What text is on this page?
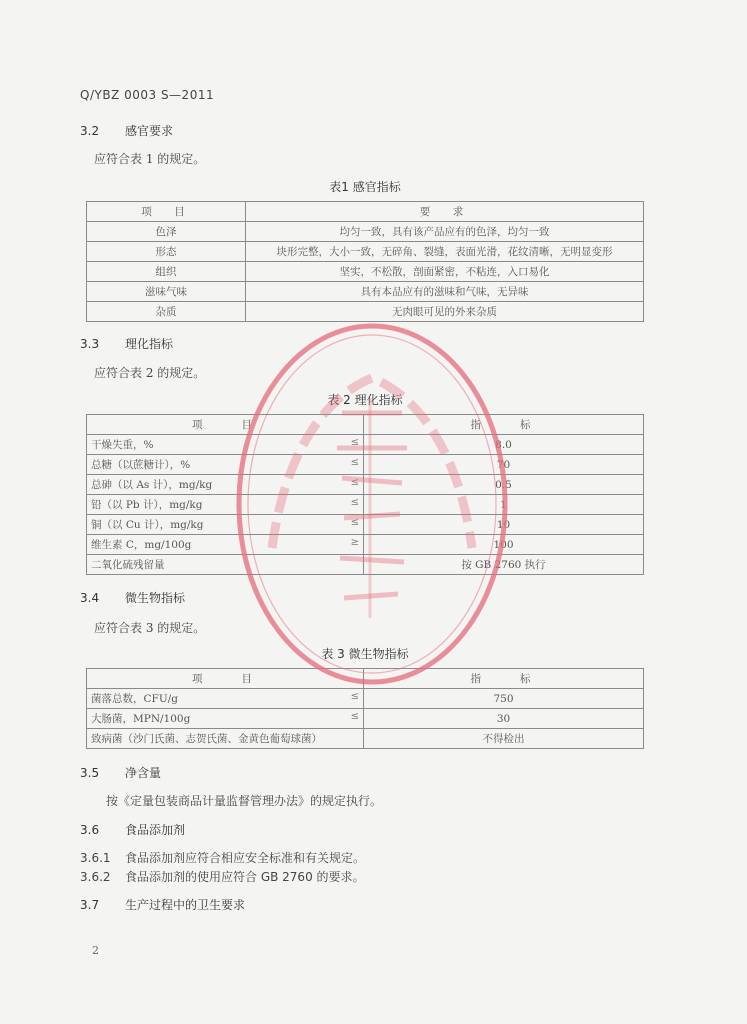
Q/YBZ 0003 S—2011
3.2 感官要求
应符合表 1 的规定。
表1 感官指标
项　目	要　求
色泽	均匀一致，具有该产品应有的色泽，均匀一致
形态	块形完整，大小一致，无碎角、裂缝，表面光滑，花纹清晰，无明显变形
组织	坚实，不松散，剖面紧密，不粘连，入口易化
滋味气味	具有本品应有的滋味和气味，无异味
杂质	无肉眼可见的外来杂质
3.3 理化指标
应符合表 2 的规定。
表 2 理化指标
项　　目	指　　标
干燥失重，% ≤	8.0
总糖（以蔗糖计），% ≤	70
总砷（以 As 计），mg/kg ≤	0.5
铅（以 Pb 计），mg/kg ≤	1
铜（以 Cu 计），mg/kg ≤	10
维生素 C，mg/100g ≥	100
二氧化硫残留量	按 GB 2760 执行
3.4 微生物指标
应符合表 3 的规定。
表 3 微生物指标
项　　目	指　　标
菌落总数，CFU/g ≤	750
大肠菌，MPN/100g ≤	30
致病菌（沙门氏菌、志贺氏菌、金黄色葡萄球菌）	不得检出
3.5 净含量
按《定量包装商品计量监督管理办法》的规定执行。
3.6 食品添加剂
3.6.1 食品添加剂应符合相应安全标准和有关规定。
3.6.2 食品添加剂的使用应符合 GB 2760 的要求。
3.7 生产过程中的卫生要求
2
